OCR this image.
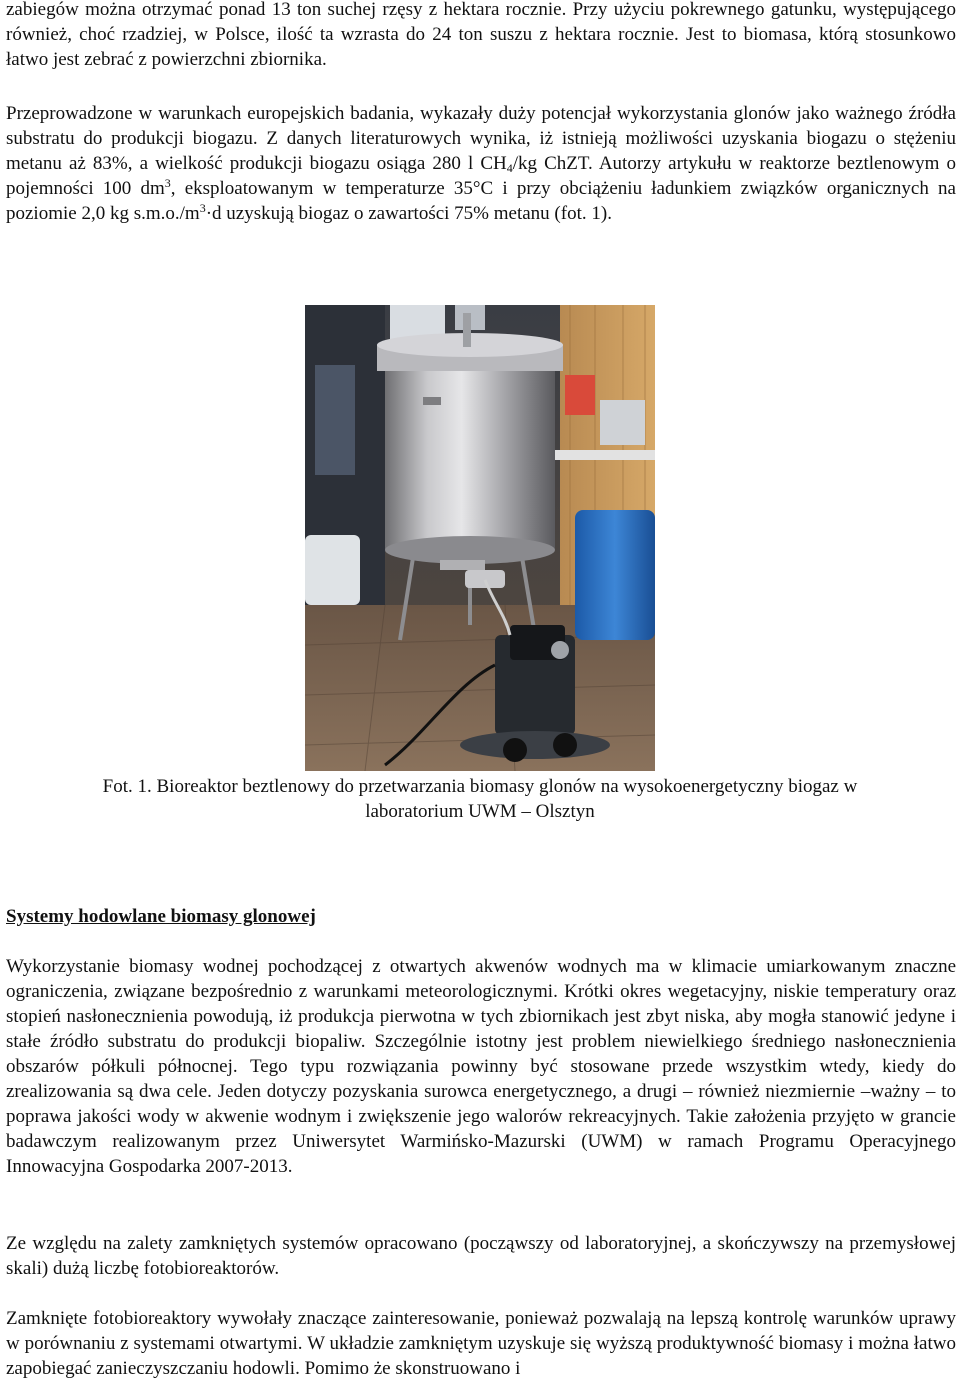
zabiegów można otrzymać ponad 13 ton suchej rzęsy z hektara rocznie. Przy użyciu pokrewnego gatunku, występującego również, choć rzadziej, w Polsce, ilość ta wzrasta do 24 ton suszu z hektara rocznie. Jest to biomasa, którą stosunkowo łatwo jest zebrać z powierzchni zbiornika.

Przeprowadzone w warunkach europejskich badania, wykazały duży potencjał wykorzystania glonów jako ważnego źródła substratu do produkcji biogazu. Z danych literaturowych wynika, iż istnieją możliwości uzyskania biogazu o stężeniu metanu aż 83%, a wielkość produkcji biogazu osiąga 280 l $CH_4/kg$ ChZT. Autorzy artykułu w reaktorze beztlenowym o pojemności 100 $dm^3$, eksploatowanym w temperaturze 35°C i przy obciążeniu ładunkiem związków organicznych na poziomie 2,0 kg $s.m.o./m^3\cdot d$ uzyskują biogaz o zawartości 75% metanu (fot. 1).

Fot. 1. Bioreaktor beztlenowy do przetwarzania biomasy glonów na wysokoenergetyczny biogaz w
laboratorium UWM – Olsztyn

Systemy hodowlane biomasy glonowej

Wykorzystanie biomasy wodnej pochodzącej z otwartych akwenów wodnych ma w klimacie umiarkowanym znaczne ograniczenia, związane bezpośrednio z warunkami meteorologicznymi. Krótki okres wegetacyjny, niskie temperatury oraz stopień nasłonecznienia powodują, iż produkcja pierwotna w tych zbiornikach jest zbyt niska, aby mogła stanowić jedyne i stałe źródło substratu do produkcji biopaliw. Szczególnie istotny jest problem niewielkiego średniego nasłonecznienia obszarów półkuli północnej. Tego typu rozwiązania powinny być stosowane przede wszystkim wtedy, kiedy do zrealizowania są dwa cele. Jeden dotyczy pozyskania surowca energetycznego, a drugi – również niezmiernie –ważny – to poprawa jakości wody w akwenie wodnym i zwiększenie jego walorów rekreacyjnych. Takie założenia przyjęto w grancie badawczym realizowanym przez Uniwersytet Warmińsko-Mazurski (UWM) w ramach Programu Operacyjnego Innowacyjna Gospodarka 2007-2013.

Ze względu na zalety zamkniętych systemów opracowano (począwszy od laboratoryjnej, a skończywszy na przemysłowej skali) dużą liczbę fotobioreaktorów.

Zamknięte fotobioreaktory wywołały znaczące zainteresowanie, ponieważ pozwalają na lepszą kontrolę warunków uprawy w porównaniu z systemami otwartymi. W układzie zamkniętym uzyskuje się wyższą produktywność biomasy i można łatwo zapobiegać zanieczyszczaniu hodowli. Pomimo że skonstruowano i
